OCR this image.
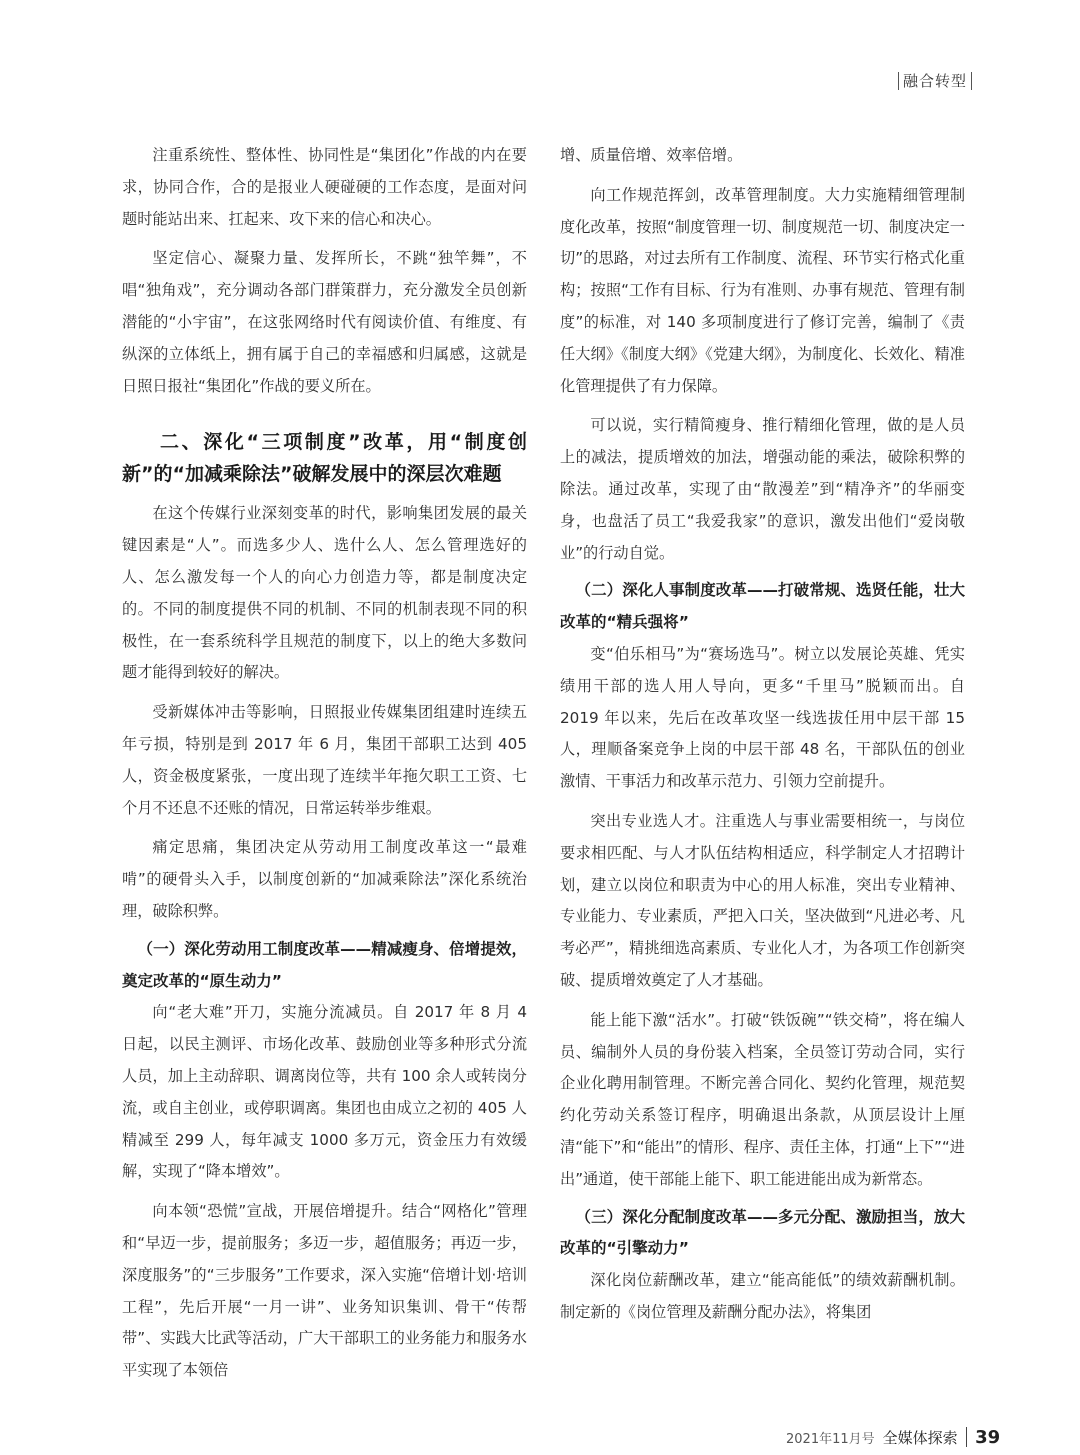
融合转型

注重系统性、整体性、协同性是“集团化”作战的内在要求，协同合作，合的是报业人硬碰硬的工作态度，是面对问题时能站出来、扛起来、攻下来的信心和决心。

坚定信心、凝聚力量、发挥所长，不跳“独竿舞”，不唱“独角戏”，充分调动各部门群策群力，充分激发全员创新潜能的“小宇宙”，在这张网络时代有阅读价值、有维度、有纵深的立体纸上，拥有属于自己的幸福感和归属感，这就是日照日报社“集团化”作战的要义所在。

二、深化“三项制度”改革，用“制度创新”的“加减乘除法”破解发展中的深层次难题

在这个传媒行业深刻变革的时代，影响集团发展的最关键因素是“人”。而选多少人、选什么人、怎么管理选好的人、怎么激发每一个人的向心力创造力等，都是制度决定的。不同的制度提供不同的机制、不同的机制表现不同的积极性，在一套系统科学且规范的制度下，以上的绝大多数问题才能得到较好的解决。

受新媒体冲击等影响，日照报业传媒集团组建时连续五年亏损，特别是到 2017 年 6 月，集团干部职工达到 405 人，资金极度紧张，一度出现了连续半年拖欠职工工资、七个月不还息不还账的情况，日常运转举步维艰。

痛定思痛，集团决定从劳动用工制度改革这一“最难啃”的硬骨头入手，以制度创新的“加减乘除法”深化系统治理，破除积弊。

（一）深化劳动用工制度改革——精减瘦身、倍增提效，奠定改革的“原生动力”

向“老大难”开刀，实施分流减员。自 2017 年 8 月 4 日起，以民主测评、市场化改革、鼓励创业等多种形式分流人员，加上主动辞职、调离岗位等，共有 100 余人或转岗分流，或自主创业，或停职调离。集团也由成立之初的 405 人精减至 299 人，每年减支 1000 多万元，资金压力有效缓解，实现了“降本增效”。

向本领“恐慌”宣战，开展倍增提升。结合“网格化”管理和“早迈一步，提前服务；多迈一步，超值服务；再迈一步，深度服务”的“三步服务”工作要求，深入实施“倍增计划·培训工程”，先后开展“一月一讲”、业务知识集训、骨干“传帮带”、实践大比武等活动，广大干部职工的业务能力和服务水平实现了本领倍

增、质量倍增、效率倍增。

向工作规范挥剑，改革管理制度。大力实施精细管理制度化改革，按照“制度管理一切、制度规范一切、制度决定一切”的思路，对过去所有工作制度、流程、环节实行格式化重构；按照“工作有目标、行为有准则、办事有规范、管理有制度”的标准，对 140 多项制度进行了修订完善，编制了《责任大纲》《制度大纲》《党建大纲》，为制度化、长效化、精准化管理提供了有力保障。

可以说，实行精简瘦身、推行精细化管理，做的是人员上的减法，提质增效的加法，增强动能的乘法，破除积弊的除法。通过改革，实现了由“散漫差”到“精净齐”的华丽变身，也盘活了员工“我爱我家”的意识，激发出他们“爱岗敬业”的行动自觉。

（二）深化人事制度改革——打破常规、选贤任能，壮大改革的“精兵强将”

变“伯乐相马”为“赛场选马”。树立以发展论英雄、凭实绩用干部的选人用人导向，更多“千里马”脱颖而出。自 2019 年以来，先后在改革攻坚一线选拔任用中层干部 15 人，理顺备案竞争上岗的中层干部 48 名，干部队伍的创业激情、干事活力和改革示范力、引领力空前提升。

突出专业选人才。注重选人与事业需要相统一，与岗位要求相匹配、与人才队伍结构相适应，科学制定人才招聘计划，建立以岗位和职责为中心的用人标准，突出专业精神、专业能力、专业素质，严把入口关，坚决做到“凡进必考、凡考必严”，精挑细选高素质、专业化人才，为各项工作创新突破、提质增效奠定了人才基础。

能上能下激“活水”。打破“铁饭碗”“铁交椅”，将在编人员、编制外人员的身份装入档案，全员签订劳动合同，实行企业化聘用制管理。不断完善合同化、契约化管理，规范契约化劳动关系签订程序，明确退出条款，从顶层设计上厘清“能下”和“能出”的情形、程序、责任主体，打通“上下”“进出”通道，使干部能上能下、职工能进能出成为新常态。

（三）深化分配制度改革——多元分配、激励担当，放大改革的“引擎动力”

深化岗位薪酬改革，建立“能高能低”的绩效薪酬机制。制定新的《岗位管理及薪酬分配办法》，将集团

2021年11月号 全媒体探索 39
